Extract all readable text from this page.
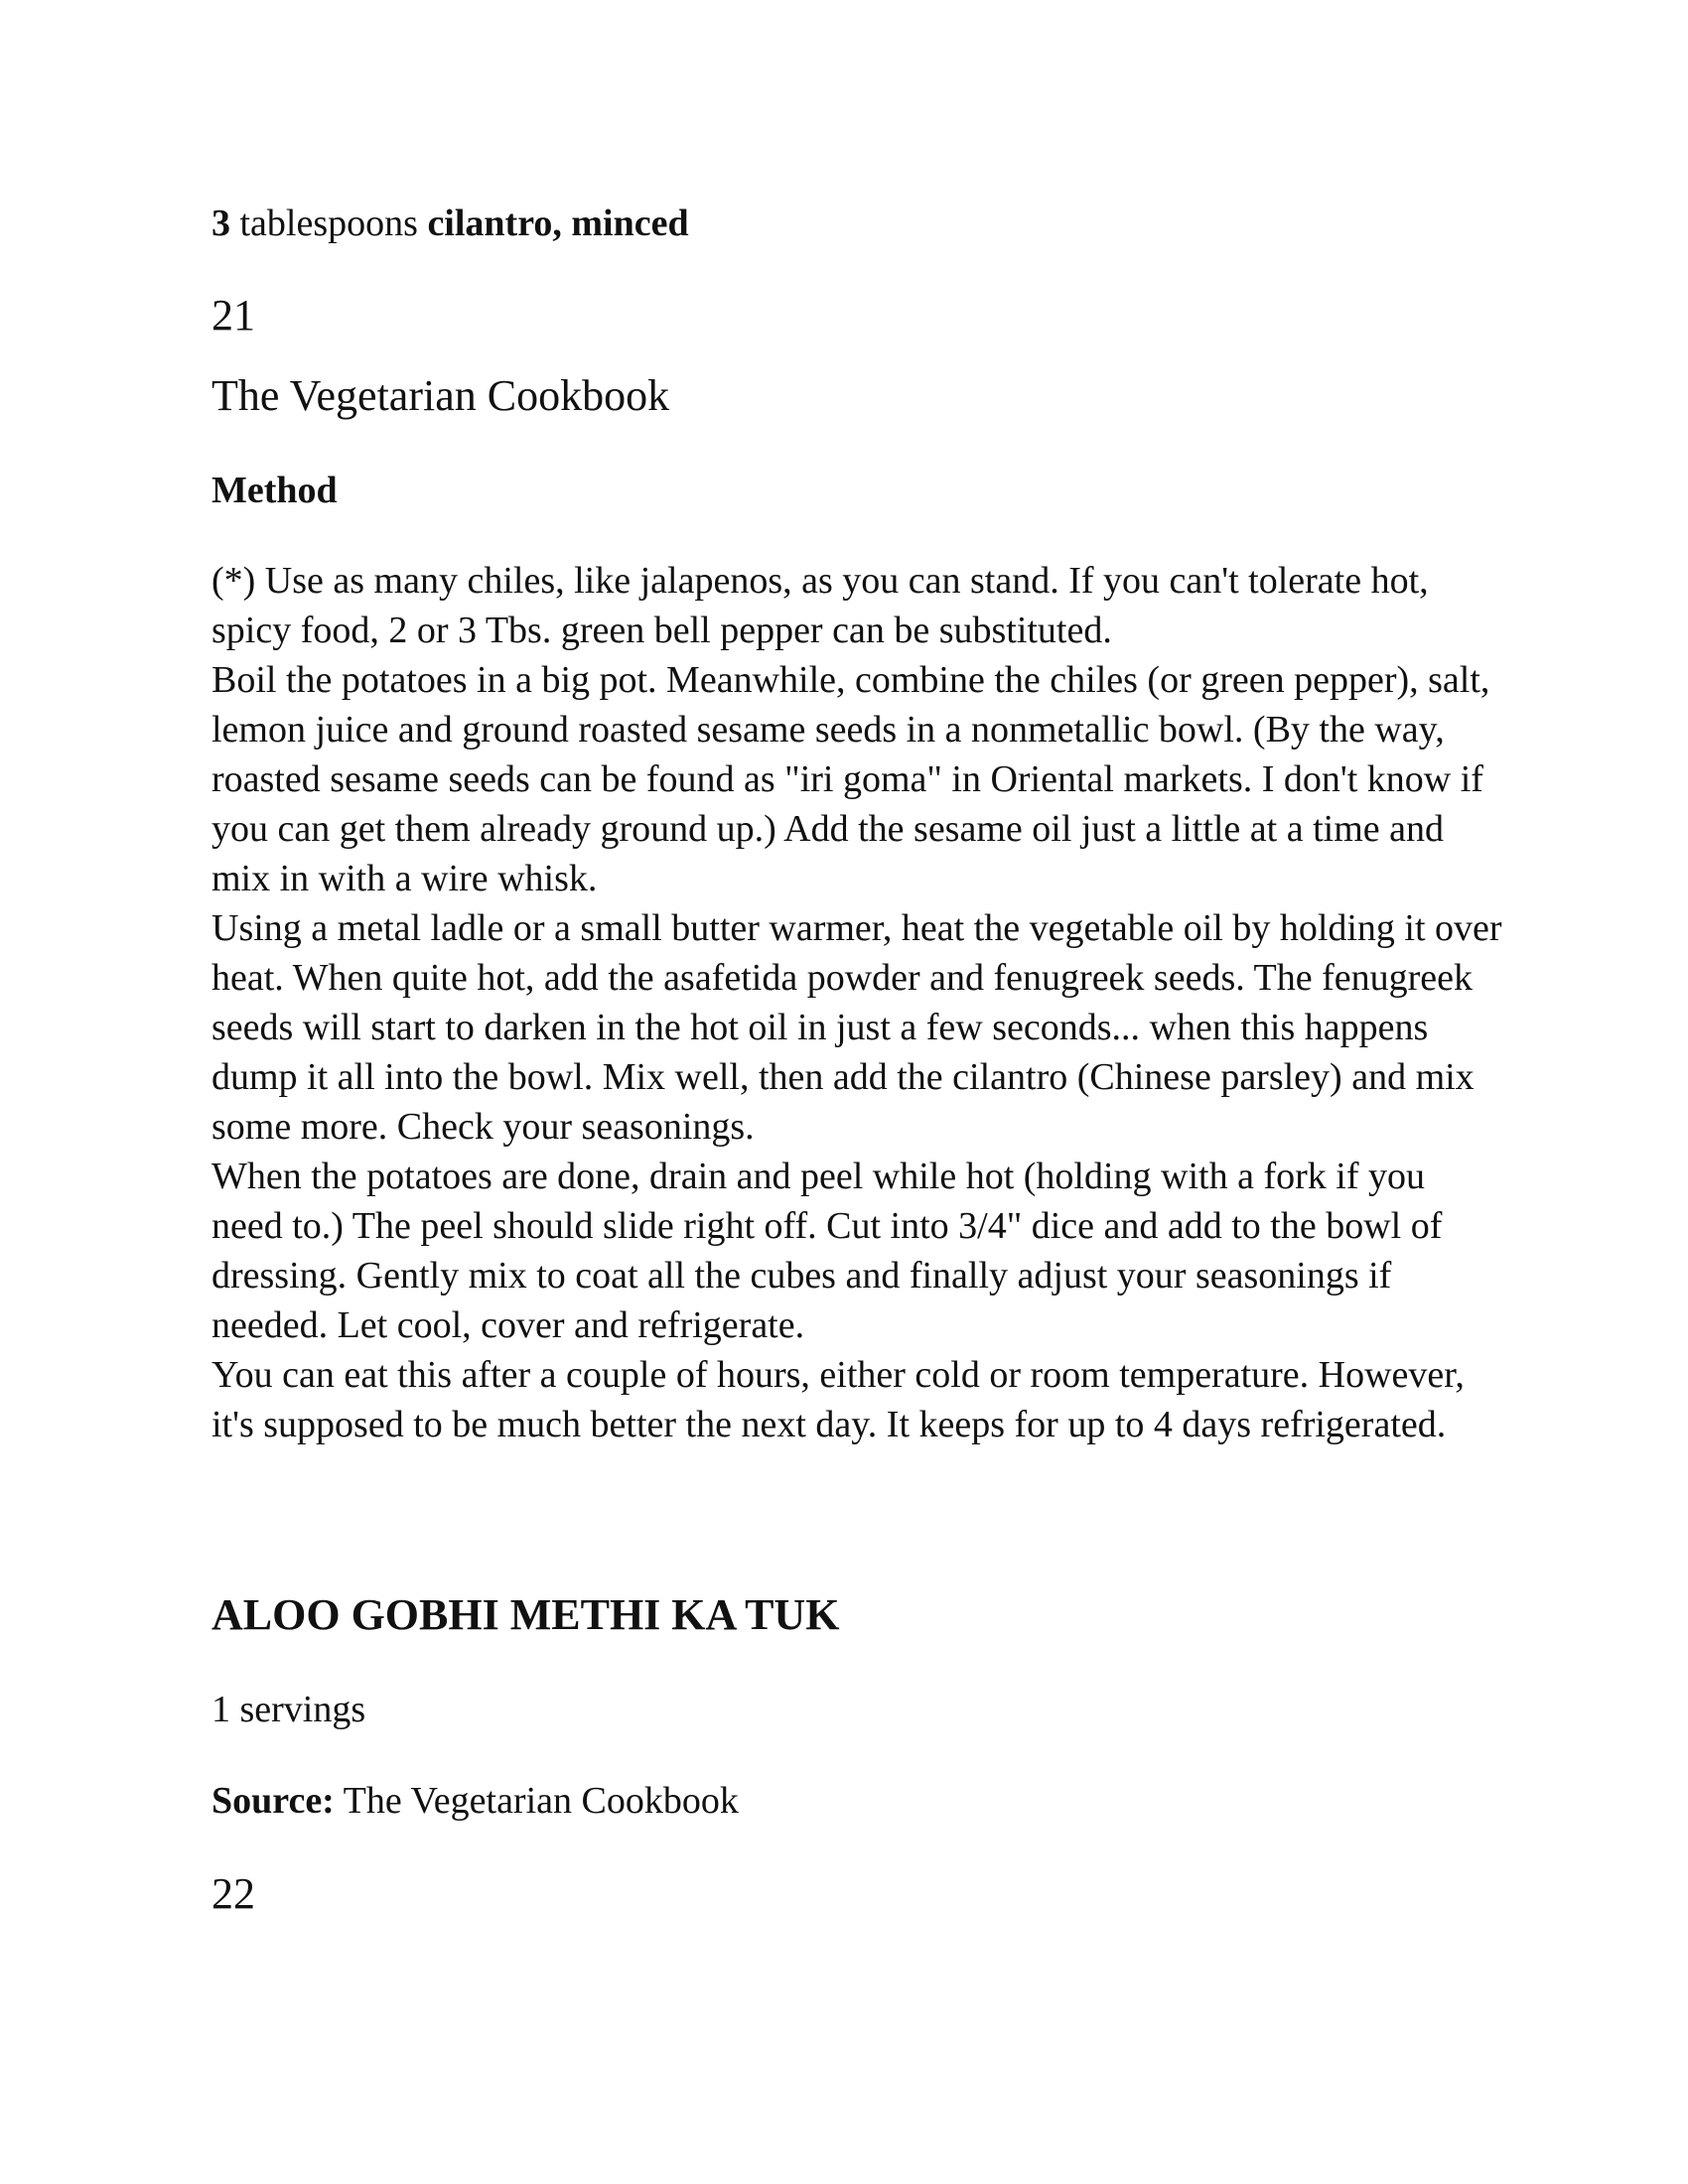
3 tablespoons cilantro, minced
21
The Vegetarian Cookbook
Method

(*) Use as many chiles, like jalapenos, as you can stand. If you can't tolerate hot, spicy food, 2 or 3 Tbs. green bell pepper can be substituted.

Boil the potatoes in a big pot. Meanwhile, combine the chiles (or green pepper), salt, lemon juice and ground roasted sesame seeds in a nonmetallic bowl. (By the way, roasted sesame seeds can be found as "iri goma" in Oriental markets. I don't know if you can get them already ground up.) Add the sesame oil just a little at a time and mix in with a wire whisk.

Using a metal ladle or a small butter warmer, heat the vegetable oil by holding it over heat. When quite hot, add the asafetida powder and fenugreek seeds. The fenugreek seeds will start to darken in the hot oil in just a few seconds... when this happens dump it all into the bowl. Mix well, then add the cilantro (Chinese parsley) and mix some more. Check your seasonings.

When the potatoes are done, drain and peel while hot (holding with a fork if you need to.) The peel should slide right off. Cut into 3/4" dice and add to the bowl of dressing. Gently mix to coat all the cubes and finally adjust your seasonings if needed. Let cool, cover and refrigerate.

You can eat this after a couple of hours, either cold or room temperature. However, it's supposed to be much better the next day. It keeps for up to 4 days refrigerated.

ALOO GOBHI METHI KA TUK
1 servings
Source: The Vegetarian Cookbook
22
